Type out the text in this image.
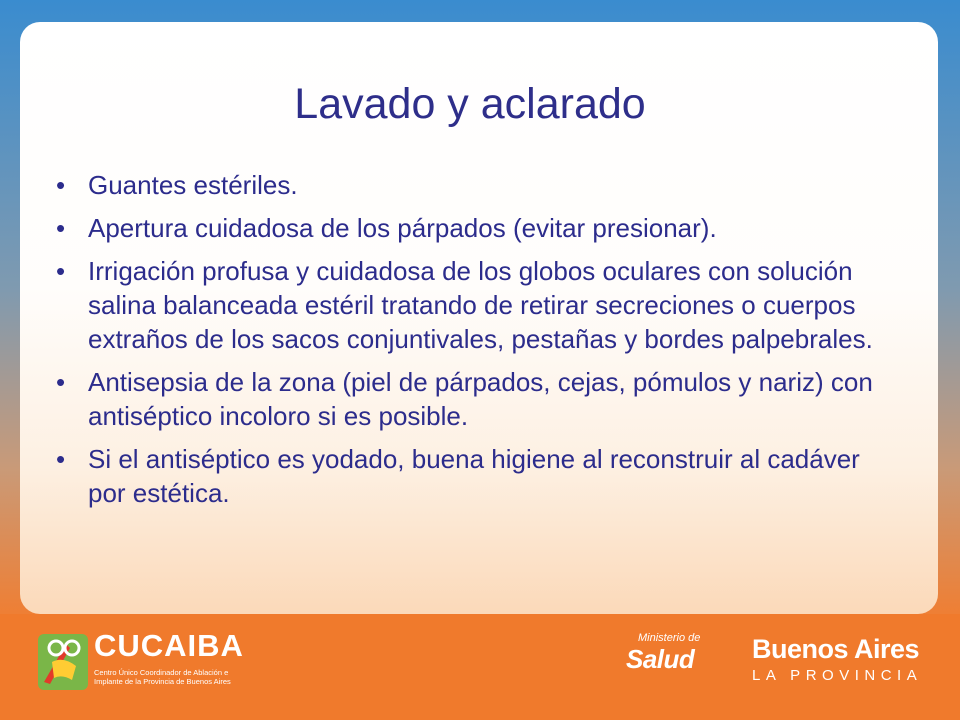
Lavado y aclarado
• Guantes estériles.
• Apertura cuidadosa de los párpados (evitar presionar).
• Irrigación profusa y cuidadosa de los globos oculares con solución salina balanceada estéril tratando de retirar secreciones o cuerpos extraños de los sacos conjuntivales, pestañas y bordes palpebrales.
• Antisepsia de la zona (piel de párpados, cejas, pómulos y nariz) con antiséptico incoloro si es posible.
• Si el antiséptico es yodado, buena higiene al reconstruir al cadáver por estética.
CUCAIBA
Centro Único Coordinador de Ablación e Implante de la Provincia de Buenos Aires
Ministerio de
Salud	Buenos Aires
LA PROVINCIA
